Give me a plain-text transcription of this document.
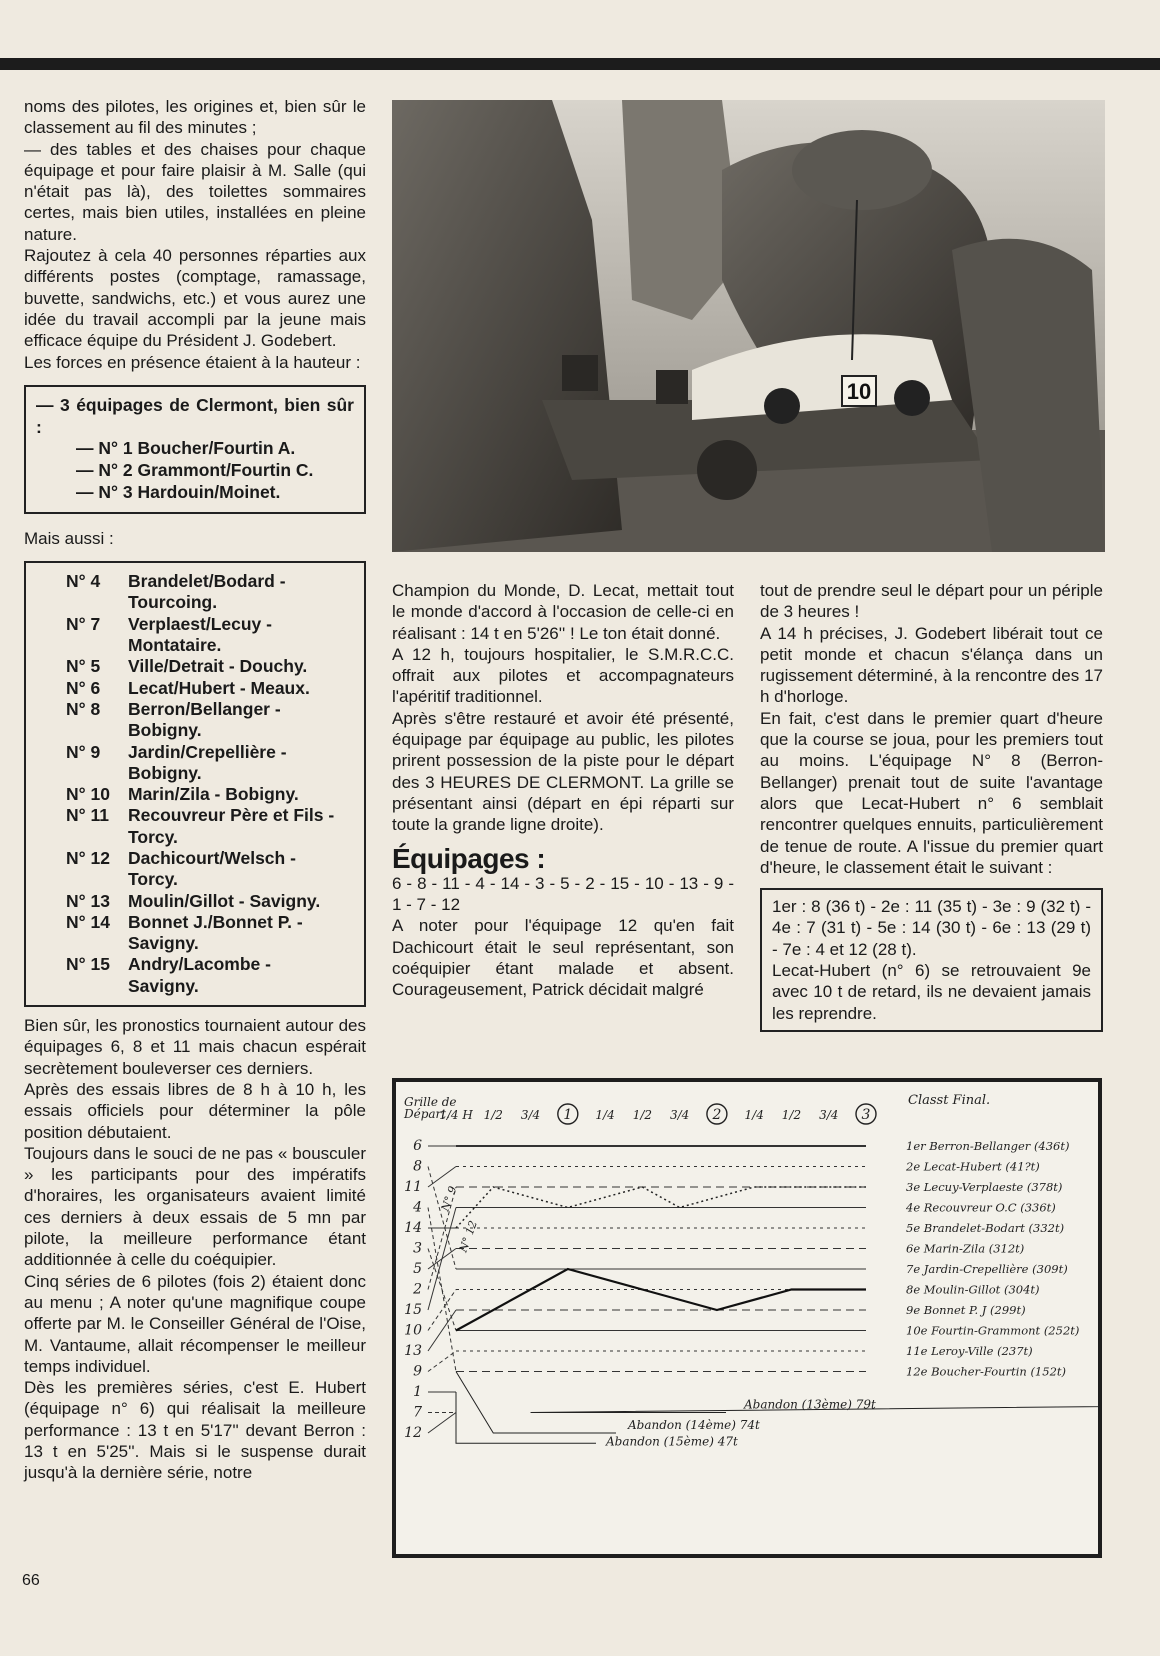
noms des pilotes, les origines et, bien sûr le classement au fil des minutes ;

— des tables et des chaises pour chaque équipage et pour faire plaisir à M. Salle (qui n'était pas là), des toilettes sommaires certes, mais bien utiles, installées en pleine nature.

Rajoutez à cela 40 personnes réparties aux différents postes (comptage, ramassage, buvette, sandwichs, etc.) et vous aurez une idée du travail accompli par la jeune mais efficace équipe du Président J. Godebert.

Les forces en présence étaient à la hauteur :

— 3 équipages de Clermont, bien sûr :

— N° 1 Boucher/Fourtin A.

— N° 2 Grammont/Fourtin C.

— N° 3 Hardouin/Moinet.

Mais aussi :

N° 4	Brandelet/Bodard -
Tourcoing.
N° 7	Verplaest/Lecuy -
Montataire.
N° 5	Ville/Detrait - Douchy.
N° 6	Lecat/Hubert - Meaux.
N° 8	Berron/Bellanger -
Bobigny.
N° 9	Jardin/Crepellière -
Bobigny.
N° 10	Marin/Zila - Bobigny.
N° 11	Recouvreur Père et Fils -
Torcy.
N° 12	Dachicourt/Welsch -
Torcy.
N° 13	Moulin/Gillot - Savigny.
N° 14	Bonnet J./Bonnet P. -
Savigny.
N° 15	Andry/Lacombe -
Savigny.

Bien sûr, les pronostics tournaient autour des équipages 6, 8 et 11 mais chacun espérait secrètement bouleverser ces derniers.

Après des essais libres de 8 h à 10 h, les essais officiels pour déterminer la pôle position débutaient.

Toujours dans le souci de ne pas « bousculer » les participants pour des impératifs d'horaires, les organisateurs avaient limité ces derniers à deux essais de 5 mn par pilote, la meilleure performance étant additionnée à celle du coéquipier.

Cinq séries de 6 pilotes (fois 2) étaient donc au menu ; A noter qu'une magnifique coupe offerte par M. le Conseiller Général de l'Oise, M. Vantaume, allait récompenser le meilleur temps individuel.

Dès les premières séries, c'est E. Hubert (équipage n° 6) qui réalisait la meilleure performance : 13 t en 5'17'' devant Berron : 13 t en 5'25''. Mais si le suspense durait jusqu'à la dernière série, notre

10

Champion du Monde, D. Lecat, mettait tout le monde d'accord à l'occasion de celle-ci en réalisant : 14 t en 5'26'' ! Le ton était donné.

A 12 h, toujours hospitalier, le S.M.R.C.C. offrait aux pilotes et accompagnateurs l'apéritif traditionnel.

Après s'être restauré et avoir été présenté, équipage par équipage au public, les pilotes prirent possession de la piste pour le départ des 3 HEURES DE CLERMONT. La grille se présentant ainsi (départ en épi réparti sur toute la grande ligne droite).

Équipages :

6 - 8 - 11 - 4 - 14 - 3 - 5 - 2 - 15 - 10 - 13 - 9 - 1 - 7 - 12

A noter pour l'équipage 12 qu'en fait Dachicourt était le seul représentant, son coéquipier étant malade et absent. Courageusement, Patrick décidait malgré

tout de prendre seul le départ pour un périple de 3 heures !

A 14 h précises, J. Godebert libérait tout ce petit monde et chacun s'élança dans un rugissement déterminé, à la rencontre des 17 h d'horloge.

En fait, c'est dans le premier quart d'heure que la course se joua, pour les premiers tout au moins. L'équipage N° 8 (Berron-Bellanger) prenait tout de suite l'avantage alors que Lecat-Hubert n° 6 semblait rencontrer quelques ennuits, particulièrement de tenue de route. A l'issue du premier quart d'heure, le classement était le suivant :

1er : 8 (36 t) - 2e : 11 (35 t) - 3e : 9 (32 t) - 4e : 7 (31 t) - 5e : 14 (30 t) - 6e : 13 (29 t) - 7e : 4 et 12 (28 t).

Lecat-Hubert (n° 6) se retrouvaient 9e avec 10 t de retard, ils ne devaient jamais les reprendre.

Grille de
Départ.
1/4 H 1/2 3/4 1 1/4 1/2 3/4 2 1/4 1/2 3/4 3
6
8
11
4
14
3
5
2
15
10
13
9
1
7
12
Abandon (13ème) 79t
Abandon (14ème) 74t
Abandon (15ème) 47t
N° 9
N° 12
Classt Final.
1er Berron-Bellanger (436t)
2e Lecat-Hubert (41?t)
3e Lecuy-Verplaeste (378t)
4e Recouvreur O.C (336t)
5e Brandelet-Bodart (332t)
6e Marin-Zila (312t)
7e Jardin-Crepellière (309t)
8e Moulin-Gillot (304t)
9e Bonnet P. J (299t)
10e Fourtin-Grammont (252t)
11e Leroy-Ville (237t)
12e Boucher-Fourtin (152t)
66
